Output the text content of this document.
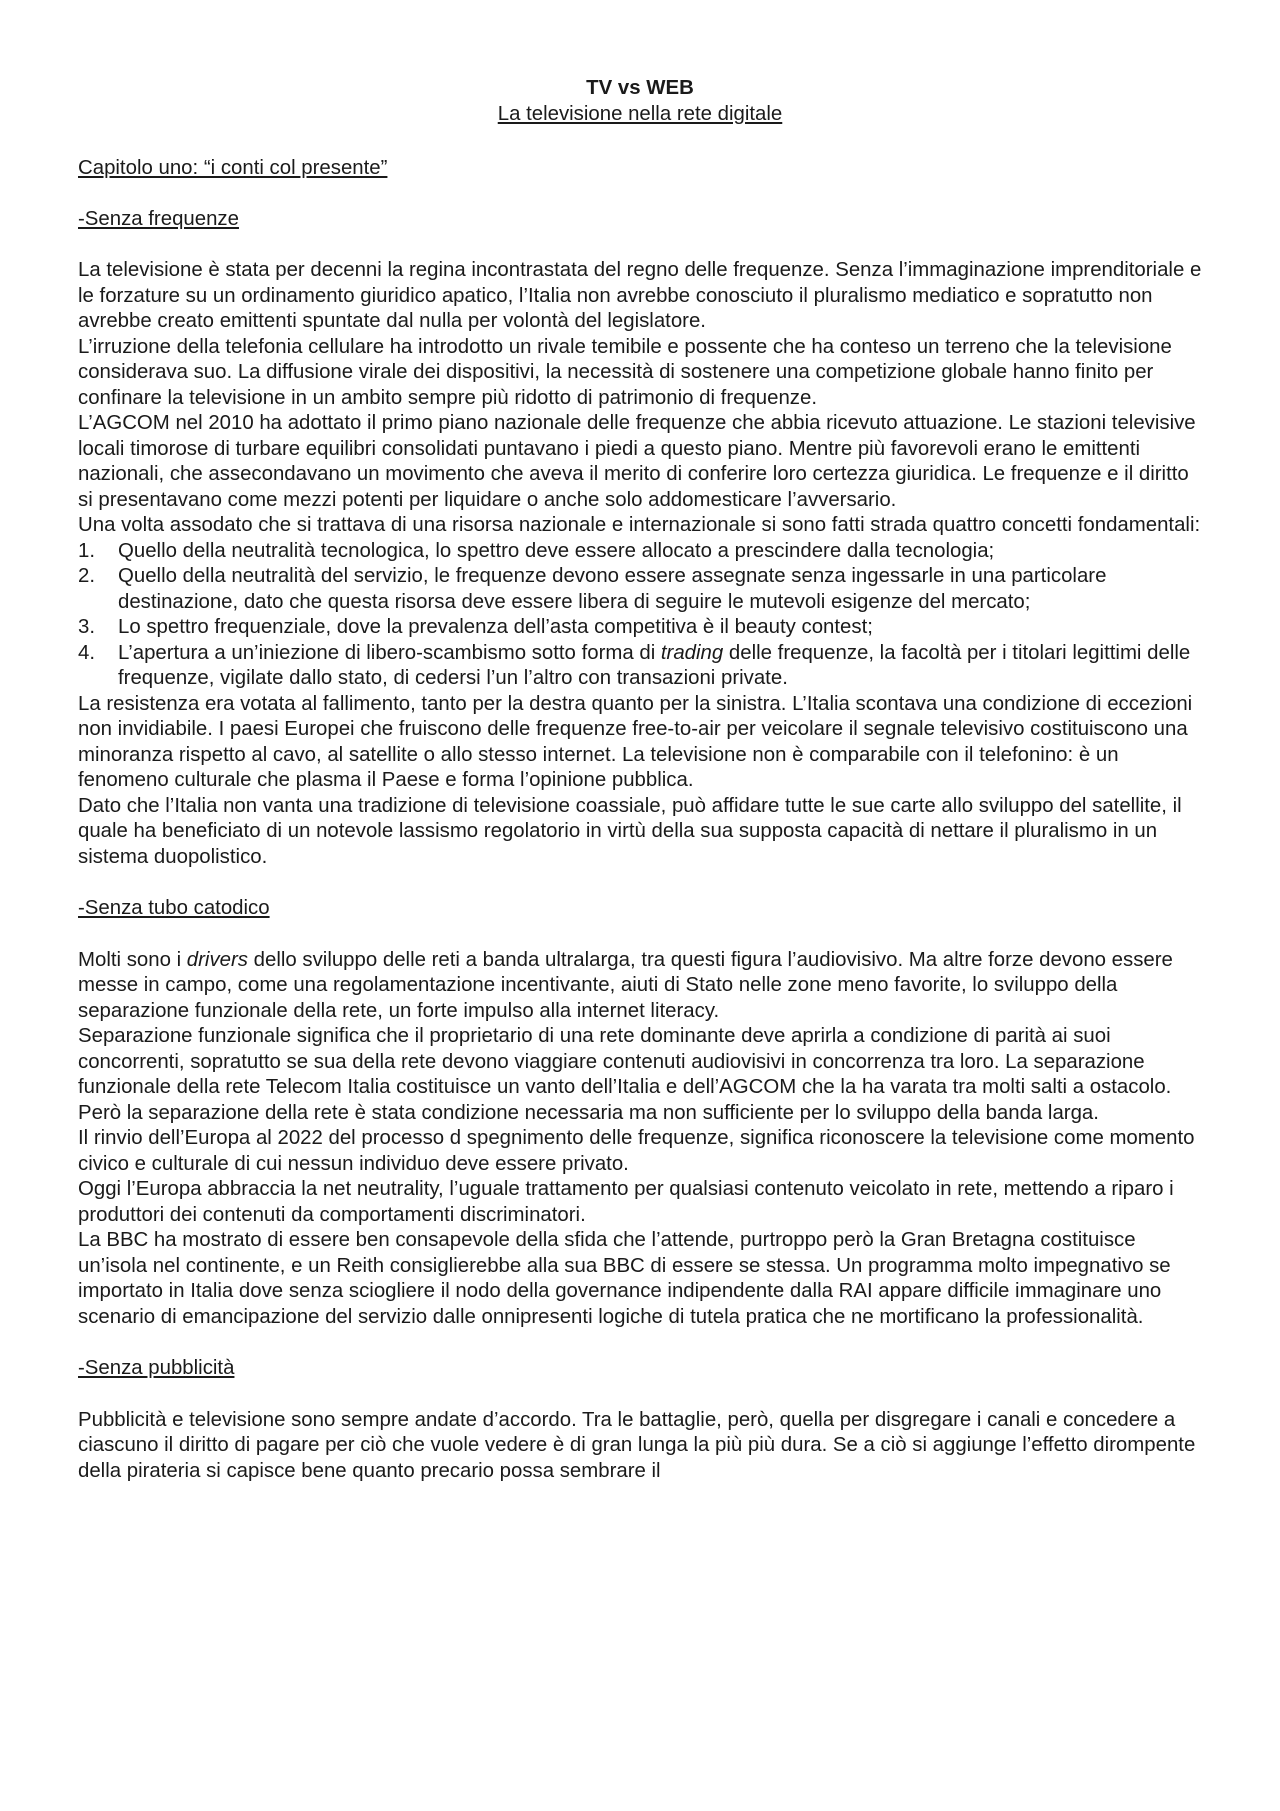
TV vs WEB

La televisione nella rete digitale

Capitolo uno: “i conti col presente”

-Senza frequenze

La televisione è stata per decenni la regina incontrastata del regno delle frequenze. Senza l’immaginazione imprenditoriale e le forzature su un ordinamento giuridico apatico, l’Italia non avrebbe conosciuto il pluralismo mediatico e sopratutto non avrebbe creato emittenti spuntate dal nulla per volontà del legislatore.

L’irruzione della telefonia cellulare ha introdotto un rivale temibile e possente che ha conteso un terreno che la televisione considerava suo. La diffusione virale dei dispositivi, la necessità di sostenere una competizione globale hanno finito per confinare la televisione in un ambito sempre più ridotto di patrimonio di frequenze.

L’AGCOM nel 2010 ha adottato il primo piano nazionale delle frequenze che abbia ricevuto attuazione. Le stazioni televisive locali timorose di turbare equilibri consolidati puntavano i piedi a questo piano. Mentre più favorevoli erano le emittenti nazionali, che assecondavano un movimento che aveva il merito di conferire loro certezza giuridica. Le frequenze e il diritto si presentavano come mezzi potenti per liquidare o anche solo addomesticare l’avversario.

Una volta assodato che si trattava di una risorsa nazionale e internazionale si sono fatti strada quattro concetti fondamentali:

1. Quello della neutralità tecnologica, lo spettro deve essere allocato a prescindere dalla tecnologia;
2. Quello della neutralità del servizio, le frequenze devono essere assegnate senza ingessarle in una particolare destinazione, dato che questa risorsa deve essere libera di seguire le mutevoli esigenze del mercato;
3. Lo spettro frequenziale, dove la prevalenza dell’asta competitiva è il beauty contest;
4. L’apertura a un’iniezione di libero-scambismo sotto forma di trading delle frequenze, la facoltà per i titolari legittimi delle frequenze, vigilate dallo stato, di cedersi l’un l’altro con transazioni private.

La resistenza era votata al fallimento, tanto per la destra quanto per la sinistra. L’Italia scontava una condizione di eccezioni non invidiabile. I paesi Europei che fruiscono delle frequenze free-to-air per veicolare il segnale televisivo costituiscono una minoranza rispetto al cavo, al satellite o allo stesso internet. La televisione non è comparabile con il telefonino: è un fenomeno culturale che plasma il Paese e forma l’opinione pubblica.

Dato che l’Italia non vanta una tradizione di televisione coassiale, può affidare tutte le sue carte allo sviluppo del satellite, il quale ha beneficiato di un notevole lassismo regolatorio in virtù della sua supposta capacità di nettare il pluralismo in un sistema duopolistico.

-Senza tubo catodico

Molti sono i drivers dello sviluppo delle reti a banda ultralarga, tra questi figura l’audiovisivo. Ma altre forze devono essere messe in campo, come una regolamentazione incentivante, aiuti di Stato nelle zone meno favorite, lo sviluppo della separazione funzionale della rete, un forte impulso alla internet literacy.

Separazione funzionale significa che il proprietario di una rete dominante deve aprirla a condizione di parità ai suoi concorrenti, sopratutto se sua della rete devono viaggiare contenuti audiovisivi in concorrenza tra loro. La separazione funzionale della rete Telecom Italia costituisce un vanto dell’Italia e dell’AGCOM che la ha varata tra molti salti a ostacolo. Però la separazione della rete è stata condizione necessaria ma non sufficiente per lo sviluppo della banda larga.

Il rinvio dell’Europa al 2022 del processo d spegnimento delle frequenze, significa riconoscere la televisione come momento civico e culturale di cui nessun individuo deve essere privato.

Oggi l’Europa abbraccia la net neutrality, l’uguale trattamento per qualsiasi contenuto veicolato in rete, mettendo a riparo i produttori dei contenuti da comportamenti discriminatori.

La BBC ha mostrato di essere ben consapevole della sfida che l’attende, purtroppo però la Gran Bretagna costituisce un’isola nel continente, e un Reith consiglierebbe alla sua BBC di essere se stessa. Un programma molto impegnativo se importato in Italia dove senza sciogliere il nodo della governance indipendente dalla RAI appare difficile immaginare uno scenario di emancipazione del servizio dalle onnipresenti logiche di tutela pratica che ne mortificano la professionalità.

-Senza pubblicità

Pubblicità e televisione sono sempre andate d’accordo. Tra le battaglie, però, quella per disgregare i canali e concedere a ciascuno il diritto di pagare per ciò che vuole vedere è di gran lunga la più più dura. Se a ciò si aggiunge l’effetto dirompente della pirateria si capisce bene quanto precario possa sembrare il
